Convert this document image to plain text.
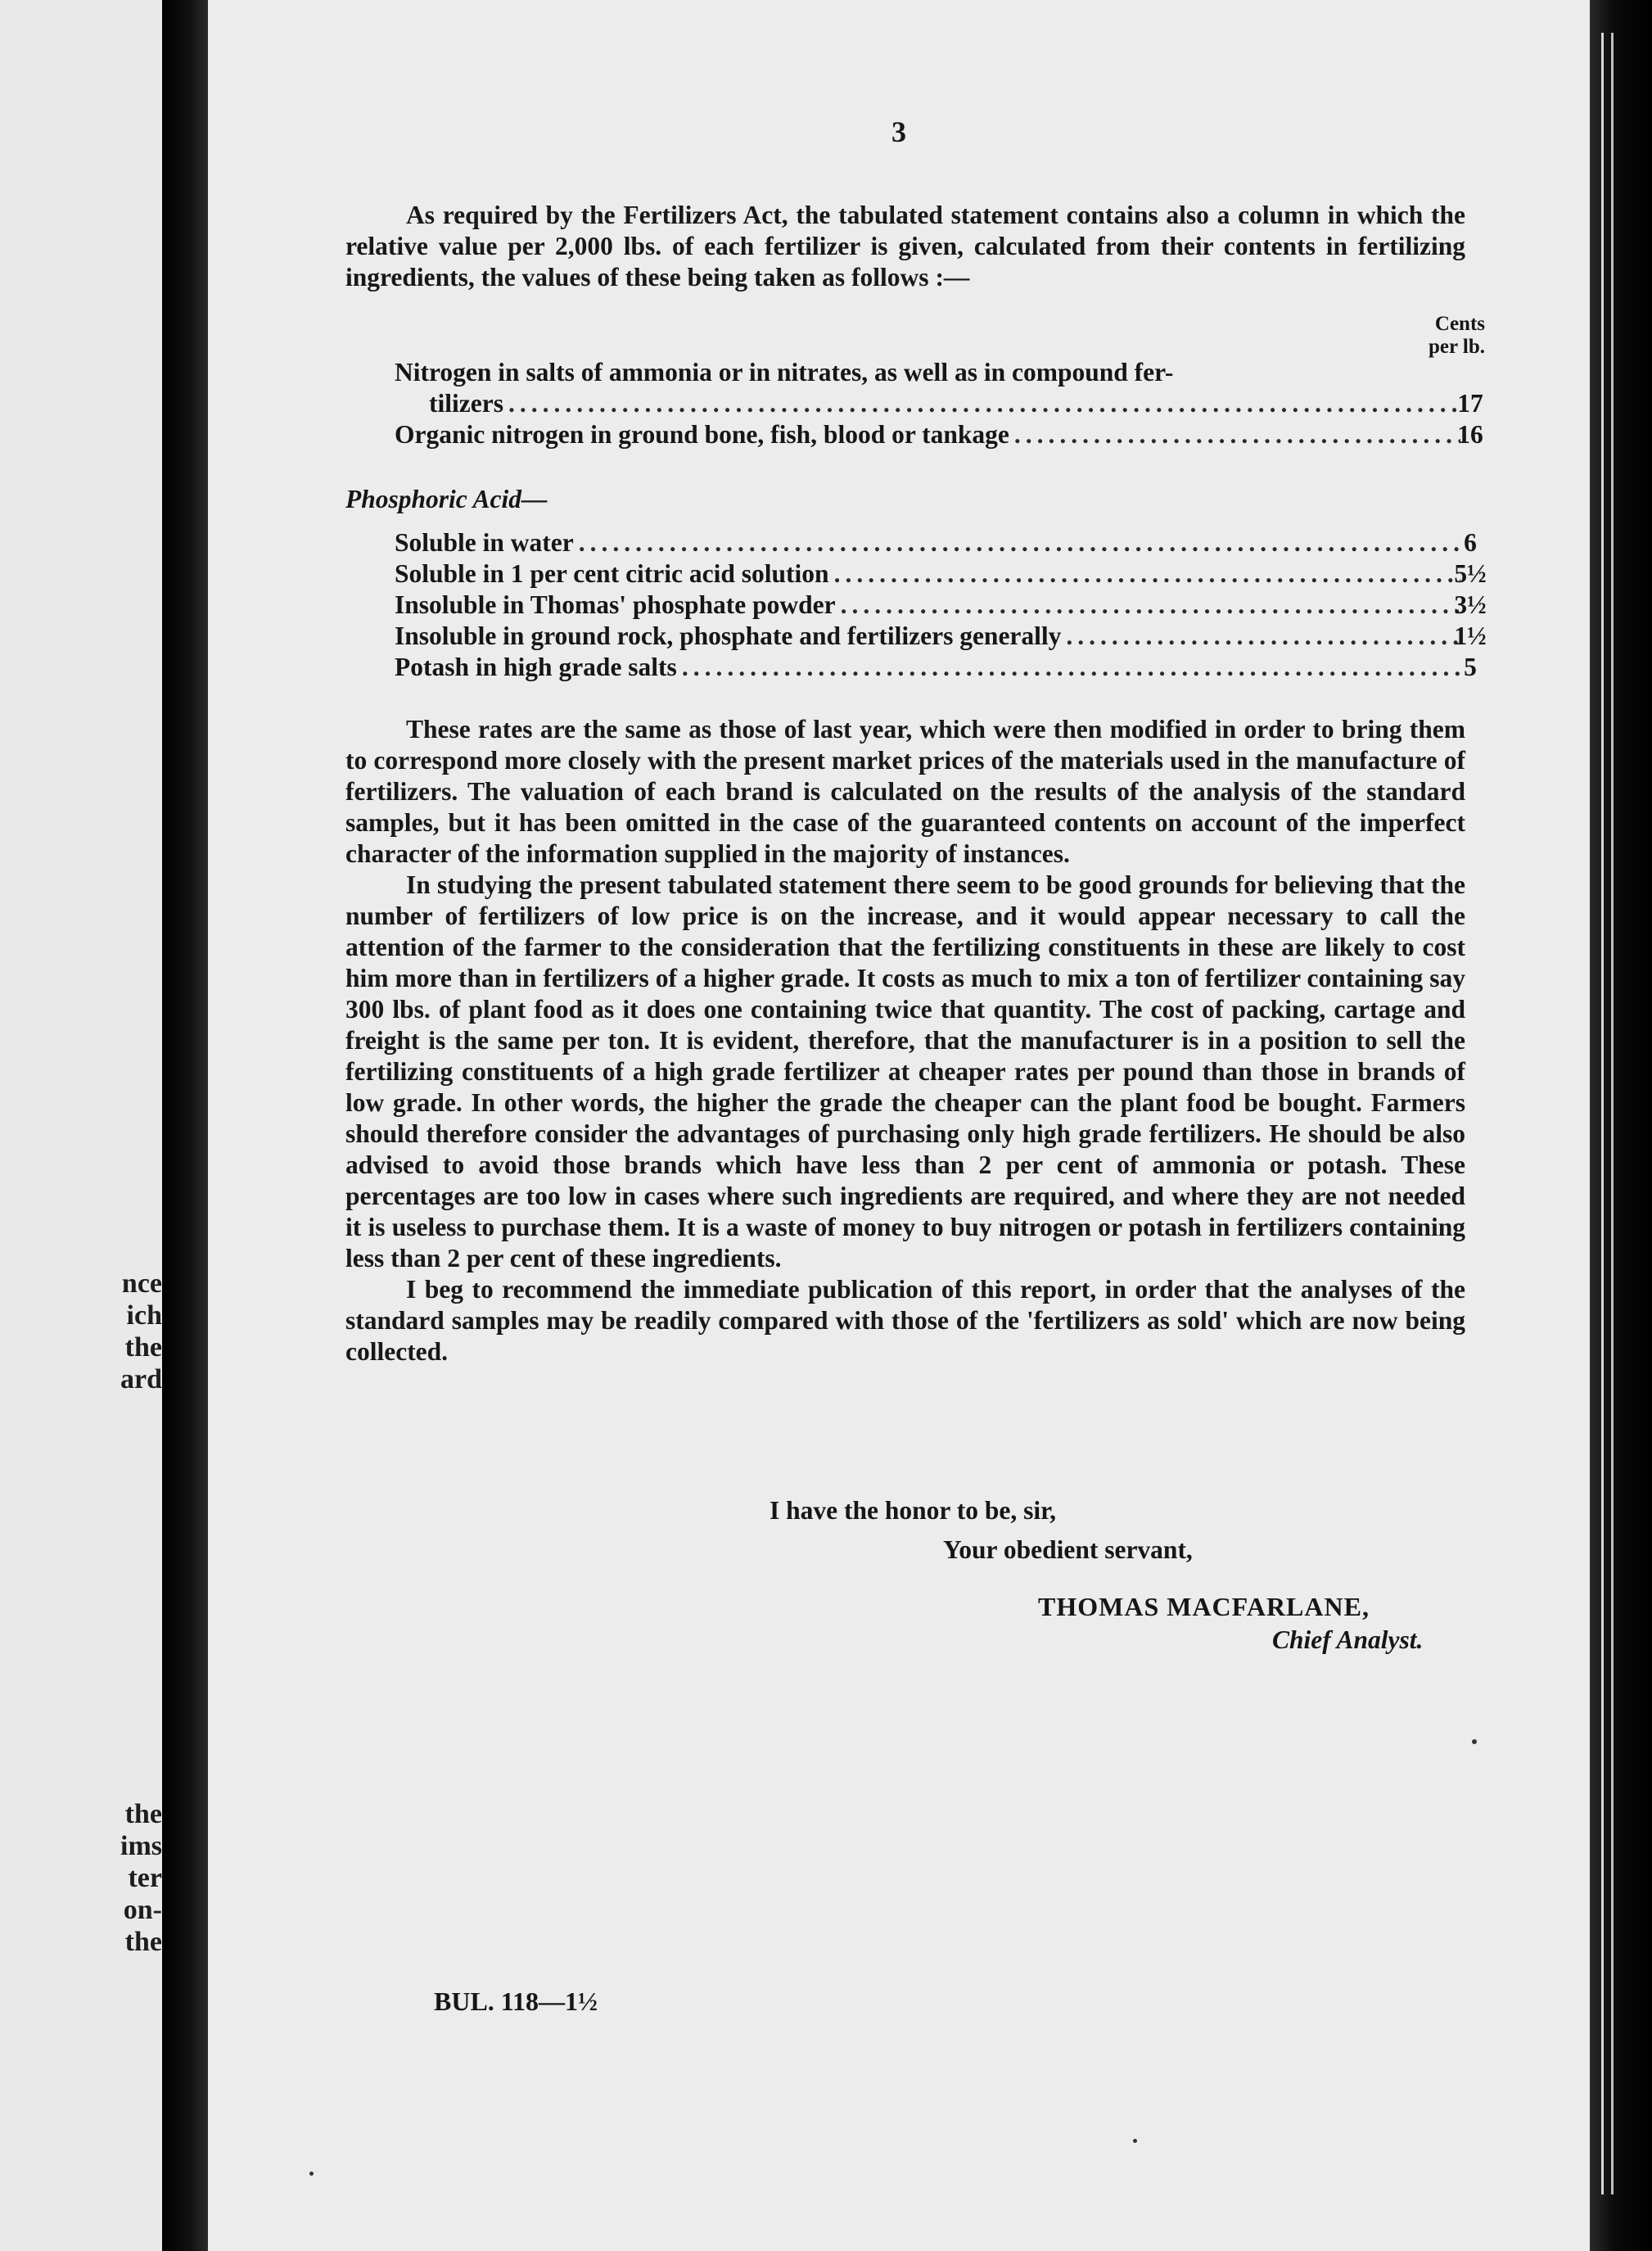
nce
ich
the
ard
the
ims
ter
on-
the
3
As required by the Fertilizers Act, the tabulated statement contains also a column in which the relative value per 2,000 lbs. of each fertilizer is given, calculated from their contents in fertilizing ingredients, the values of these being taken as follows :—
Cents
per lb.
Nitrogen in salts of ammonia or in nitrates, as well as in compound fer-
tilizers .....	17
Organic nitrogen in ground bone, fish, blood or tankage .....	16
Phosphoric Acid—
Soluble in water .....	6
Soluble in 1 per cent citric acid solution .....	5½
Insoluble in Thomas' phosphate powder .....	3½
Insoluble in ground rock, phosphate and fertilizers generally .....	1½
Potash in high grade salts .....	5
These rates are the same as those of last year, which were then modified in order to bring them to correspond more closely with the present market prices of the materials used in the manufacture of fertilizers. The valuation of each brand is calculated on the results of the analysis of the standard samples, but it has been omitted in the case of the guaranteed contents on account of the imperfect character of the information supplied in the majority of instances.
In studying the present tabulated statement there seem to be good grounds for believing that the number of fertilizers of low price is on the increase, and it would appear necessary to call the attention of the farmer to the consideration that the fertilizing constituents in these are likely to cost him more than in fertilizers of a higher grade. It costs as much to mix a ton of fertilizer containing say 300 lbs. of plant food as it does one containing twice that quantity. The cost of packing, cartage and freight is the same per ton. It is evident, therefore, that the manufacturer is in a position to sell the fertilizing constituents of a high grade fertilizer at cheaper rates per pound than those in brands of low grade. In other words, the higher the grade the cheaper can the plant food be bought. Farmers should therefore consider the advantages of purchasing only high grade fertilizers. He should be also advised to avoid those brands which have less than 2 per cent of ammonia or potash. These percentages are too low in cases where such ingredients are required, and where they are not needed it is useless to purchase them. It is a waste of money to buy nitrogen or potash in fertilizers containing less than 2 per cent of these ingredients.
I beg to recommend the immediate publication of this report, in order that the analyses of the standard samples may be readily compared with those of the 'fertilizers as sold' which are now being collected.
I have the honor to be, sir,
Your obedient servant,
THOMAS MACFARLANE,
Chief Analyst.
BUL. 118—1½
